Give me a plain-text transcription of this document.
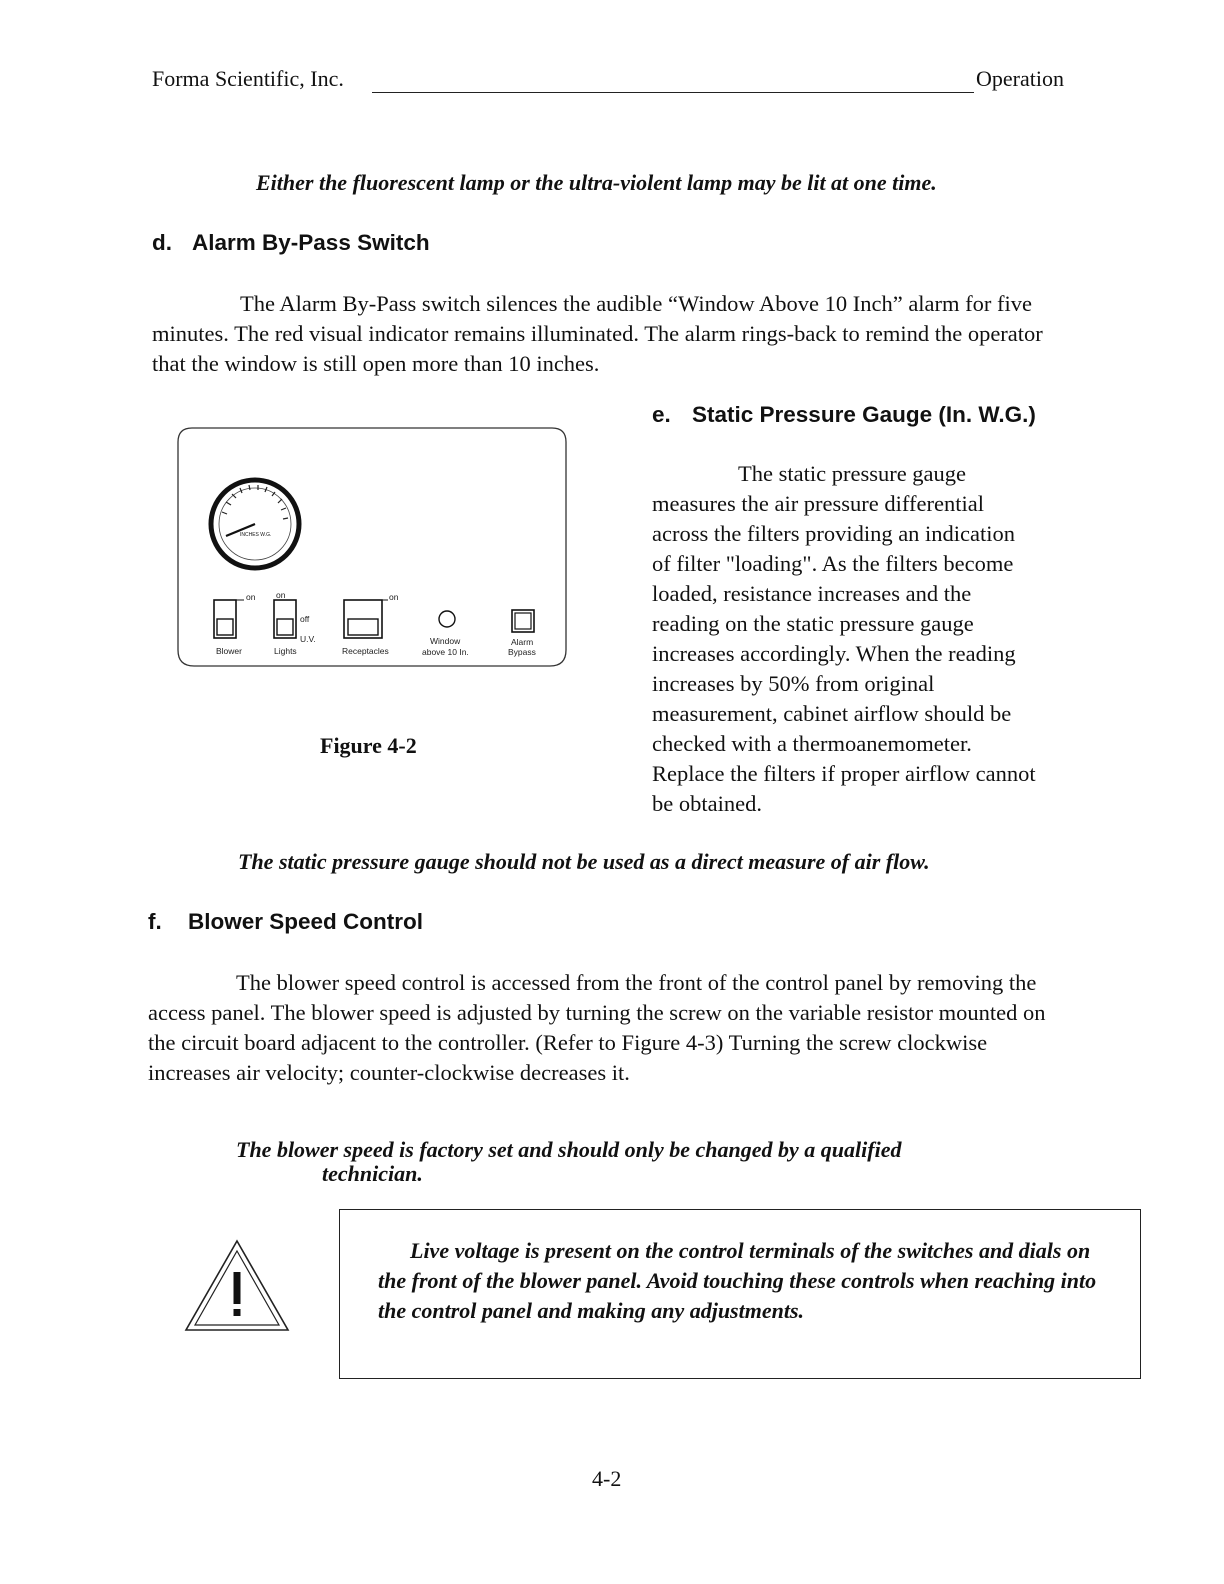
Forma Scientific, Inc.	Operation
Either the fluorescent lamp or the ultra-violent lamp may be lit at one time.
d. Alarm By-Pass Switch

The Alarm By-Pass switch silences the audible “Window Above 10 Inch” alarm for five minutes. The red visual indicator remains illuminated. The alarm rings-back to remind the operator that the window is still open more than 10 inches.

INCHES W.G.
on
Blower
on
off
U.V.
Lights
on
Receptacles
Window
above 10 In.
Alarm
Bypass
Figure 4-2
e. Static Pressure Gauge (In. W.G.)
The static pressure gauge
measures the air pressure differential
across the filters providing an indication
of filter "loading". As the filters become
loaded, resistance increases and the
reading on the static pressure gauge
increases accordingly. When the reading
increases by 50% from original
measurement, cabinet airflow should be
checked with a thermoanemometer.
Replace the filters if proper airflow cannot
be obtained.
The static pressure gauge should not be used as a direct measure of air flow.
f. Blower Speed Control

The blower speed control is accessed from the front of the control panel by removing the access panel. The blower speed is adjusted by turning the screw on the variable resistor mounted on the circuit board adjacent to the controller. (Refer to Figure 4-3) Turning the screw clockwise increases air velocity; counter-clockwise decreases it.

The blower speed is factory set and should only be changed by a qualified
technician.
Live voltage is present on the control terminals of the switches and dials on the front of the blower panel. Avoid touching these controls when reaching into the control panel and making any adjustments.
4-2
